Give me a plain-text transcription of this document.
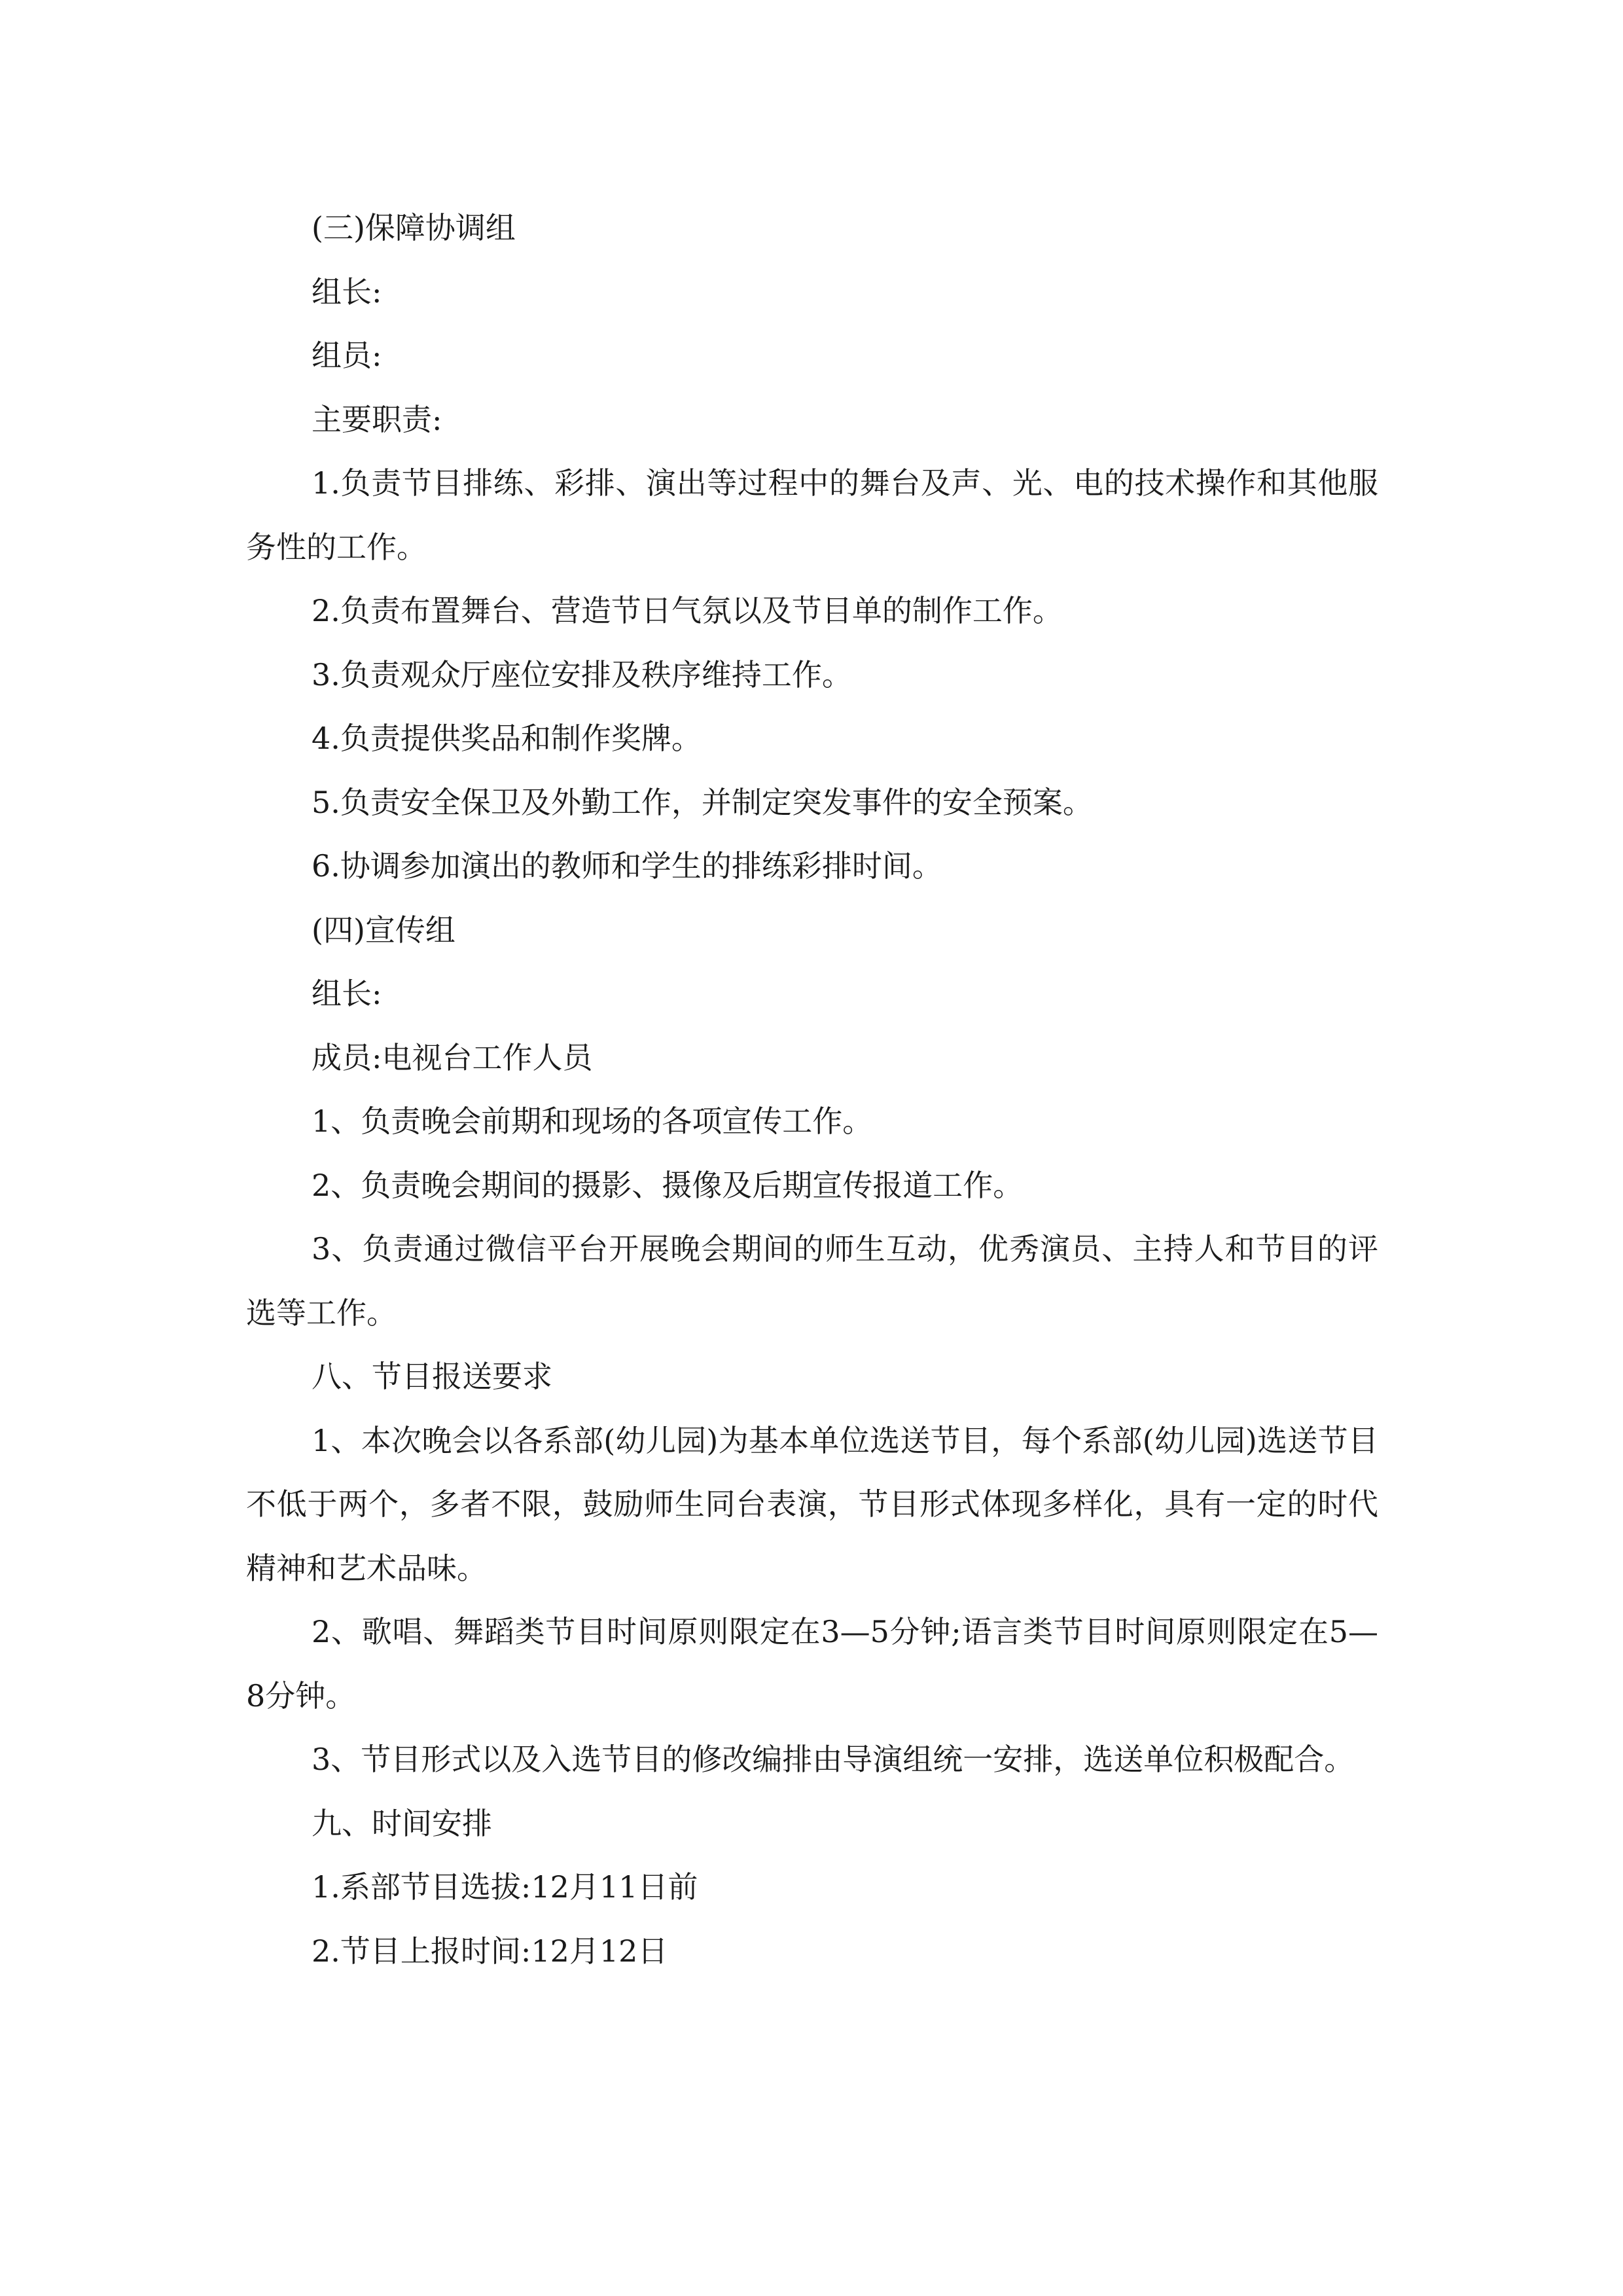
(三)保障协调组

组长:

组员:

主要职责:

1.负责节目排练、彩排、演出等过程中的舞台及声、光、电的技术操作和其他服务性的工作。

2.负责布置舞台、营造节日气氛以及节目单的制作工作。

3.负责观众厅座位安排及秩序维持工作。

4.负责提供奖品和制作奖牌。

5.负责安全保卫及外勤工作，并制定突发事件的安全预案。

6.协调参加演出的教师和学生的排练彩排时间。

(四)宣传组

组长:

成员:电视台工作人员

1、负责晚会前期和现场的各项宣传工作。

2、负责晚会期间的摄影、摄像及后期宣传报道工作。

3、负责通过微信平台开展晚会期间的师生互动，优秀演员、主持人和节目的评选等工作。

八、节目报送要求

1、本次晚会以各系部(幼儿园)为基本单位选送节目，每个系部(幼儿园)选送节目不低于两个，多者不限，鼓励师生同台表演，节目形式体现多样化，具有一定的时代精神和艺术品味。

2、歌唱、舞蹈类节目时间原则限定在3—5分钟;语言类节目时间原则限定在5—8分钟。

3、节目形式以及入选节目的修改编排由导演组统一安排，选送单位积极配合。

九、时间安排

1.系部节目选拔:12月11日前

2.节目上报时间:12月12日
